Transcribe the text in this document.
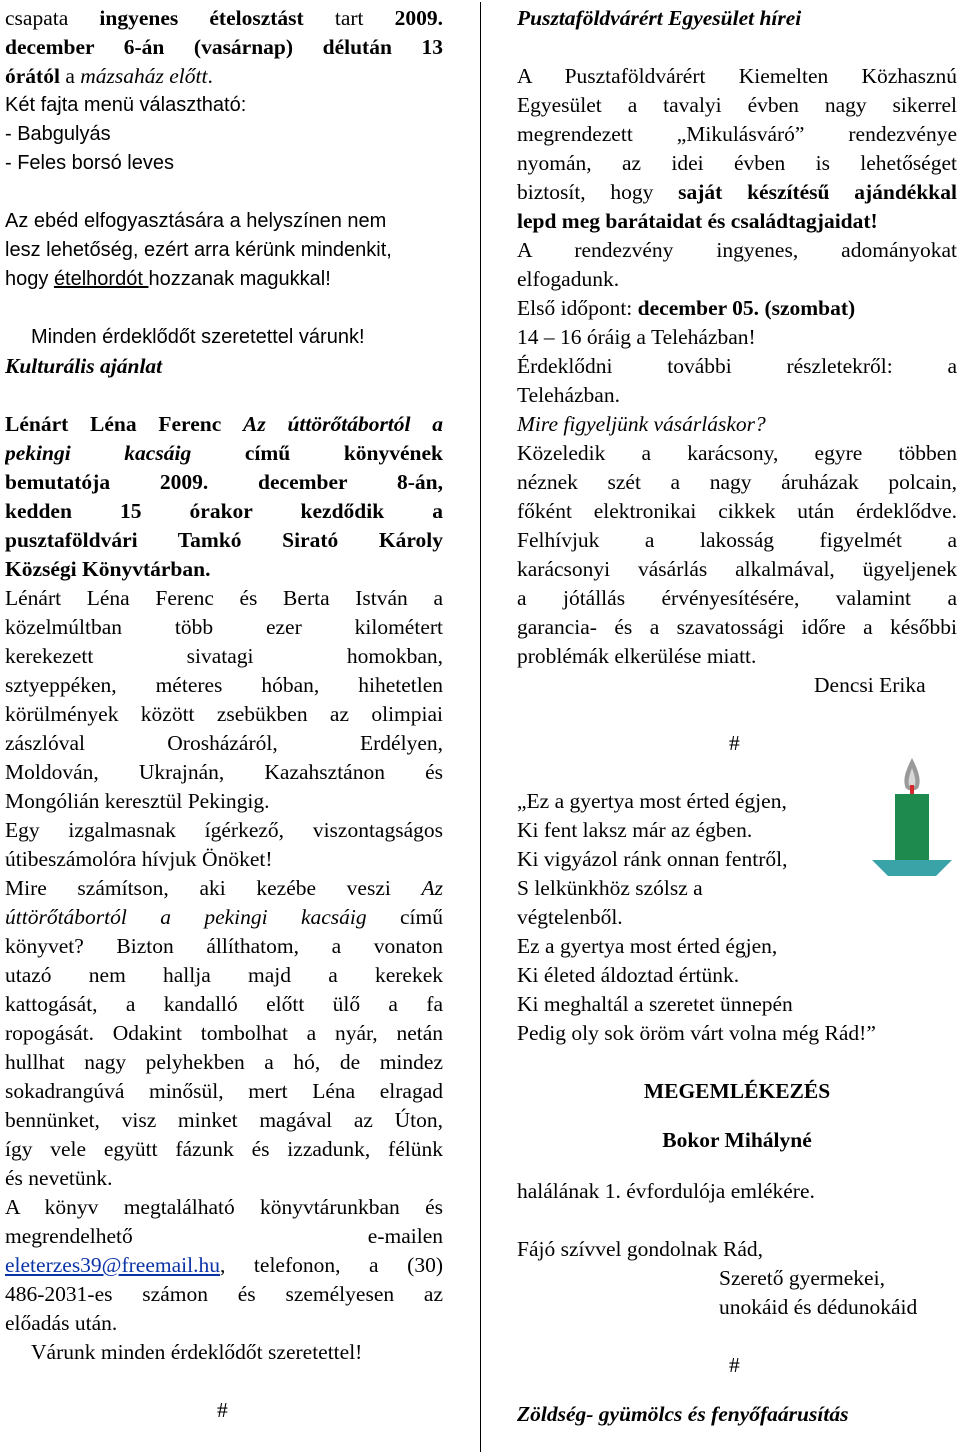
csapata ingyenes ételosztást tart 2009.
december 6-án (vasárnap) délután 13
órától a mázsaház előtt.
Két fajta menü választható:
- Babgulyás
- Feles borsó leves
Az ebéd elfogyasztására a helyszínen nem
lesz lehetőség, ezért arra kérünk mindenkit,
hogy ételhordót hozzanak magukkal!
Minden érdeklődőt szeretettel várunk!
Kulturális ajánlat
Lénárt Léna Ferenc Az úttörőtábortól a
pekingi kacsáig című könyvének
bemutatója 2009. december 8-án,
kedden 15 órakor kezdődik a
pusztaföldvári Tamkó Sirató Károly
Községi Könyvtárban.
Lénárt Léna Ferenc és Berta István a
közelmúltban több ezer kilométert
kerekezett sivatagi homokban,
sztyeppéken, méteres hóban, hihetetlen
körülmények között zsebükben az olimpiai
zászlóval Orosházáról, Erdélyen,
Moldován, Ukrajnán, Kazahsztánon és
Mongólián keresztül Pekingig.
Egy izgalmasnak ígérkező, viszontagságos
útibeszámolóra hívjuk Önöket!
Mire számítson, aki kezébe veszi Az
úttörőtábortól a pekingi kacsáig című
könyvet? Bizton állíthatom, a vonaton
utazó nem hallja majd a kerekek
kattogását, a kandalló előtt ülő a fa
ropogását. Odakint tombolhat a nyár, netán
hullhat nagy pelyhekben a hó, de mindez
sokadrangúvá minősül, mert Léna elragad
bennünket, visz minket magával az Úton,
így vele együtt fázunk és izzadunk, félünk
és nevetünk.
A könyv megtalálható könyvtárunkban és
megrendelhető	e-mailen
eleterzes39@freemail.hu, telefonon, a (30)
486-2031-es számon és személyesen az
előadás után.
Várunk minden érdeklődőt szeretettel!
#
Pusztaföldvárért Egyesület hírei
A Pusztaföldvárért Kiemelten Közhasznú
Egyesület a tavalyi évben nagy sikerrel
megrendezett „Mikulásváró” rendezvénye
nyomán, az idei évben is lehetőséget
biztosít, hogy saját készítésű ajándékkal
lepd meg barátaidat és családtagjaidat!
A rendezvény ingyenes, adományokat
elfogadunk.
Első időpont: december 05. (szombat)
14 – 16 óráig a Teleházban!
Érdeklődni további részletekről: a
Teleházban.
Mire figyeljünk vásárláskor?
Közeledik a karácsony, egyre többen
néznek szét a nagy áruházak polcain,
főként elektronikai cikkek után érdeklődve.
Felhívjuk a lakosság figyelmét a
karácsonyi vásárlás alkalmával, ügyeljenek
a jótállás érvényesítésére, valamint a
garancia- és a szavatossági időre a későbbi
problémák elkerülése miatt.
Dencsi Erika
#
„Ez a gyertya most érted égjen,
Ki fent laksz már az égben.
Ki vigyázol ránk onnan fentről,
S lelkünkhöz szólsz a
végtelenből.
Ez a gyertya most érted égjen,
Ki életed áldoztad értünk.
Ki meghaltál a szeretet ünnepén
Pedig oly sok öröm várt volna még Rád!”
MEGEMLÉKEZÉS
Bokor Mihályné
halálának 1. évfordulója emlékére.
Fájó szívvel gondolnak Rád,
Szerető gyermekei,
unokáid és dédunokáid
#
Zöldség- gyümölcs és fenyőfaárusítás
